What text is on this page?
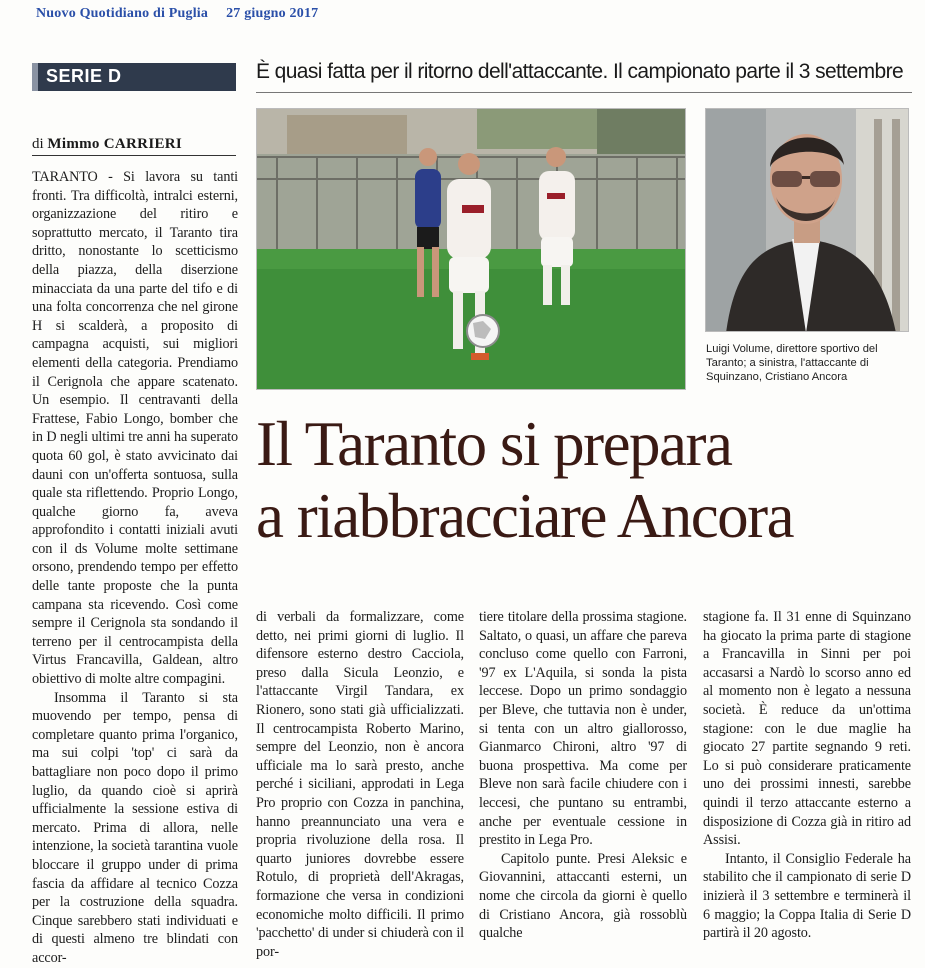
Nuovo Quotidiano di Puglia 27 giugno 2017
SERIE D	È quasi fatta per il ritorno dell'attaccante. Il campionato parte il 3 settembre
di Mimmo CARRIERI

TARANTO - Si lavora su tanti fronti. Tra difficoltà, intralci esterni, organizzazione del ritiro e soprattutto mercato, il Taranto tira dritto, nonostante lo scetticismo della piazza, della diserzione minacciata da una parte del tifo e di una folta concorrenza che nel girone H si scalderà, a proposito di campagna acquisti, sui migliori elementi della categoria. Prendiamo il Cerignola che appare scatenato. Un esempio. Il centravanti della Frattese, Fabio Longo, bomber che in D negli ultimi tre anni ha superato quota 60 gol, è stato avvicinato dai dauni con un'offerta sontuosa, sulla quale sta riflettendo. Proprio Longo, qualche giorno fa, aveva approfondito i contatti iniziali avuti con il ds Volume molte settimane orsono, prendendo tempo per effetto delle tante proposte che la punta campana sta ricevendo. Così come sempre il Cerignola sta sondando il terreno per il centrocampista della Virtus Francavilla, Galdean, altro obiettivo di molte altre compagini.

Insomma il Taranto si sta muovendo per tempo, pensa di completare quanto prima l'organico, ma sui colpi 'top' ci sarà da battagliare non poco dopo il primo luglio, da quando cioè si aprirà ufficialmente la sessione estiva di mercato. Prima di allora, nelle intenzione, la società tarantina vuole bloccare il gruppo under di prima fascia da affidare al tecnico Cozza per la costruzione della squadra. Cinque sarebbero stati individuati e di questi almeno tre blindati con accor-

Luigi Volume, direttore sportivo del Taranto; a sinistra, l'attaccante di Squinzano, Cristiano Ancora
Il Taranto si prepara
a riabbracciare Ancora

di verbali da formalizzare, come detto, nei primi giorni di luglio. Il difensore esterno destro Cacciola, preso dalla Sicula Leonzio, e l'attaccante Virgil Tandara, ex Rionero, sono stati già ufficializzati. Il centrocampista Roberto Marino, sempre del Leonzio, non è ancora ufficiale ma lo sarà presto, anche perché i siciliani, approdati in Lega Pro proprio con Cozza in panchina, hanno preannunciato una vera e propria rivoluzione della rosa. Il quarto juniores dovrebbe essere Rotulo, di proprietà dell'Akragas, formazione che versa in condizioni economiche molto difficili. Il primo 'pacchetto' di under si chiuderà con il por-

tiere titolare della prossima stagione. Saltato, o quasi, un affare che pareva concluso come quello con Farroni, '97 ex L'Aquila, si sonda la pista leccese. Dopo un primo sondaggio per Bleve, che tuttavia non è under, si tenta con un altro giallorosso, Gianmarco Chironi, altro '97 di buona prospettiva. Ma come per Bleve non sarà facile chiudere con i leccesi, che puntano su entrambi, anche per eventuale cessione in prestito in Lega Pro.

Capitolo punte. Presi Aleksic e Giovannini, attaccanti esterni, un nome che circola da giorni è quello di Cristiano Ancora, già rossoblù qualche

stagione fa. Il 31 enne di Squinzano ha giocato la prima parte di stagione a Francavilla in Sinni per poi accasarsi a Nardò lo scorso anno ed al momento non è legato a nessuna società. È reduce da un'ottima stagione: con le due maglie ha giocato 27 partite segnando 9 reti. Lo si può considerare praticamente uno dei prossimi innesti, sarebbe quindi il terzo attaccante esterno a disposizione di Cozza già in ritiro ad Assisi.

Intanto, il Consiglio Federale ha stabilito che il campionato di serie D inizierà il 3 settembre e terminerà il 6 maggio; la Coppa Italia di Serie D partirà il 20 agosto.
